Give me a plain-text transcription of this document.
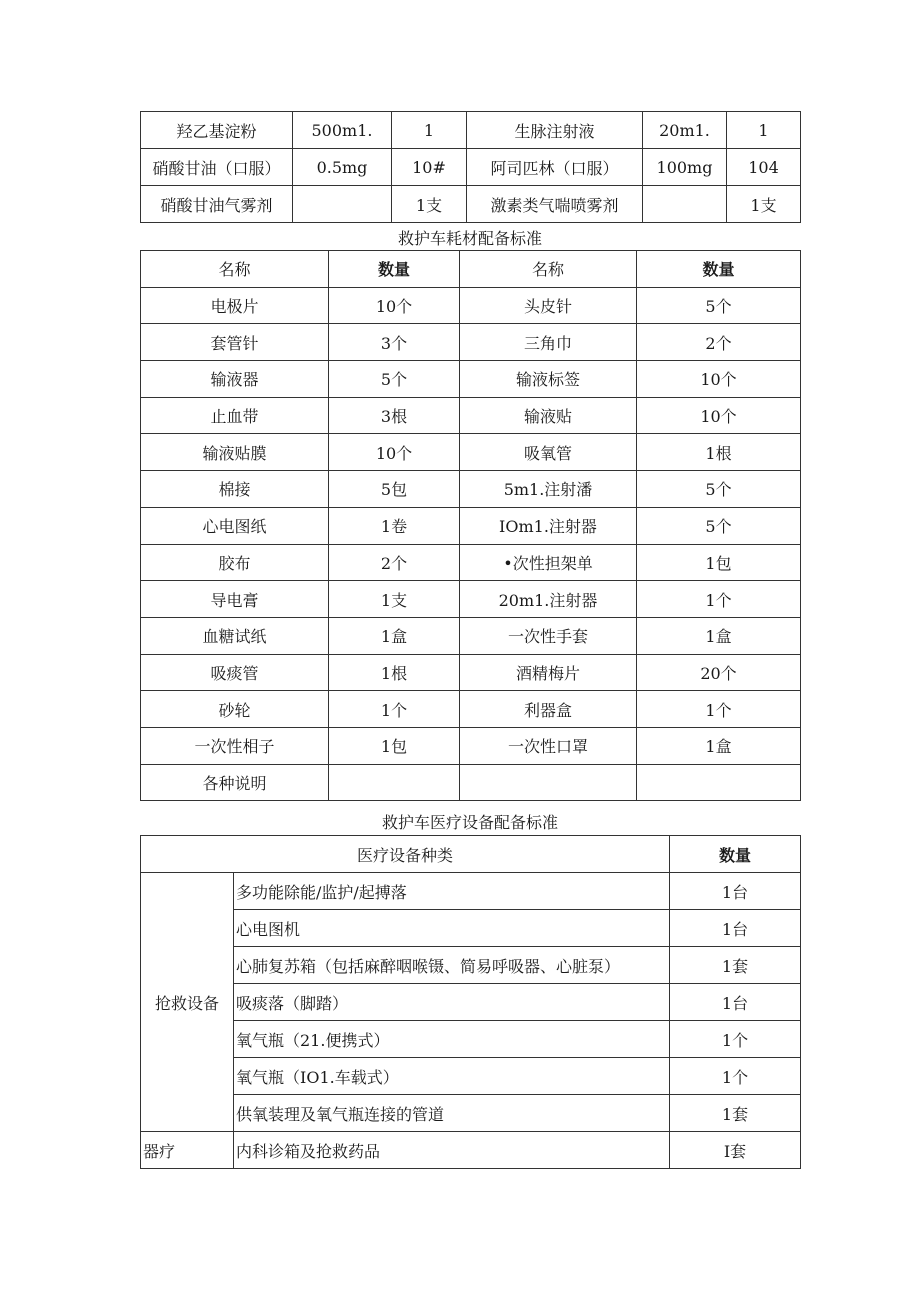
羟乙基淀粉	500m1.	1	生脉注射液	20m1.	1
硝酸甘油（口服）	0.5mg	10#	阿司匹林（口服）	100mg	104
硝酸甘油气雾剂		1支	激素类气喘喷雾剂		1支
救护车耗材配备标准
名称	数量	名称	数量
电极片	10个	头皮针	5个
套管针	3个	三角巾	2个
输液器	5个	输液标签	10个
止血带	3根	输液贴	10个
输液贴膜	10个	吸氧管	1根
棉接	5包	5m1.注射潘	5个
心电图纸	1卷	IOm1.注射器	5个
胶布	2个	•次性担架单	1包
导电膏	1支	20m1.注射器	1个
血糖试纸	1盒	一次性手套	1盒
吸痰管	1根	酒精梅片	20个
砂轮	1个	利器盒	1个
一次性相子	1包	一次性口罩	1盒
各种说明			
救护车医疗设备配备标准
医疗设备种类		数量
抢救设备	多功能除能/监护/起搏落	1台
	心电图机	1台
	心肺复苏箱（包括麻醉咽喉镊、简易呼吸器、心脏泵）	1套
	吸痰落（脚踏）	1台
	氧气瓶（21.便携式）	1个
	氧气瓶（IO1.车载式）	1个
	供氧装理及氧气瓶连接的管道	1套
器疗	内科诊箱及抢救药品	I套
